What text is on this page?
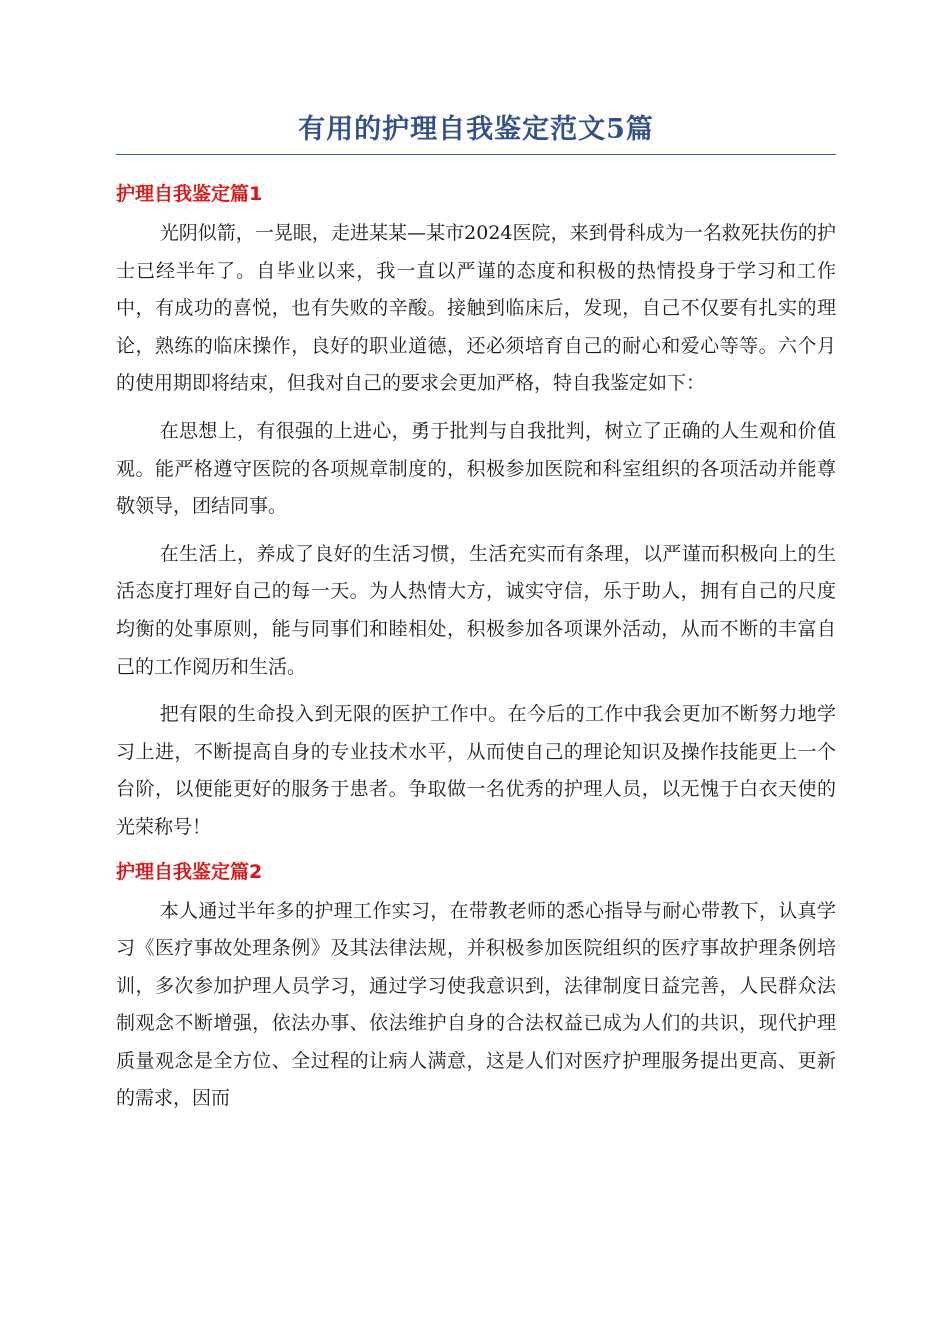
有用的护理自我鉴定范文5篇
护理自我鉴定篇1

光阴似箭，一晃眼，走进某某—某市2024医院，来到骨科成为一名救死扶伤的护士已经半年了。自毕业以来，我一直以严谨的态度和积极的热情投身于学习和工作中，有成功的喜悦，也有失败的辛酸。接触到临床后，发现，自己不仅要有扎实的理论，熟练的临床操作，良好的职业道德，还必须培育自己的耐心和爱心等等。六个月的使用期即将结束，但我对自己的要求会更加严格，特自我鉴定如下：

在思想上，有很强的上进心，勇于批判与自我批判，树立了正确的人生观和价值观。能严格遵守医院的各项规章制度的，积极参加医院和科室组织的各项活动并能尊敬领导，团结同事。

在生活上，养成了良好的生活习惯，生活充实而有条理，以严谨而积极向上的生活态度打理好自己的每一天。为人热情大方，诚实守信，乐于助人，拥有自己的尺度均衡的处事原则，能与同事们和睦相处，积极参加各项课外活动，从而不断的丰富自己的工作阅历和生活。

把有限的生命投入到无限的医护工作中。在今后的工作中我会更加不断努力地学习上进，不断提高自身的专业技术水平，从而使自己的理论知识及操作技能更上一个台阶，以便能更好的服务于患者。争取做一名优秀的护理人员，以无愧于白衣天使的光荣称号！

护理自我鉴定篇2

本人通过半年多的护理工作实习，在带教老师的悉心指导与耐心带教下，认真学习《医疗事故处理条例》及其法律法规，并积极参加医院组织的医疗事故护理条例培训，多次参加护理人员学习，通过学习使我意识到，法律制度日益完善，人民群众法制观念不断增强，依法办事、依法维护自身的合法权益已成为人们的共识，现代护理质量观念是全方位、全过程的让病人满意，这是人们对医疗护理服务提出更高、更新的需求，因而
